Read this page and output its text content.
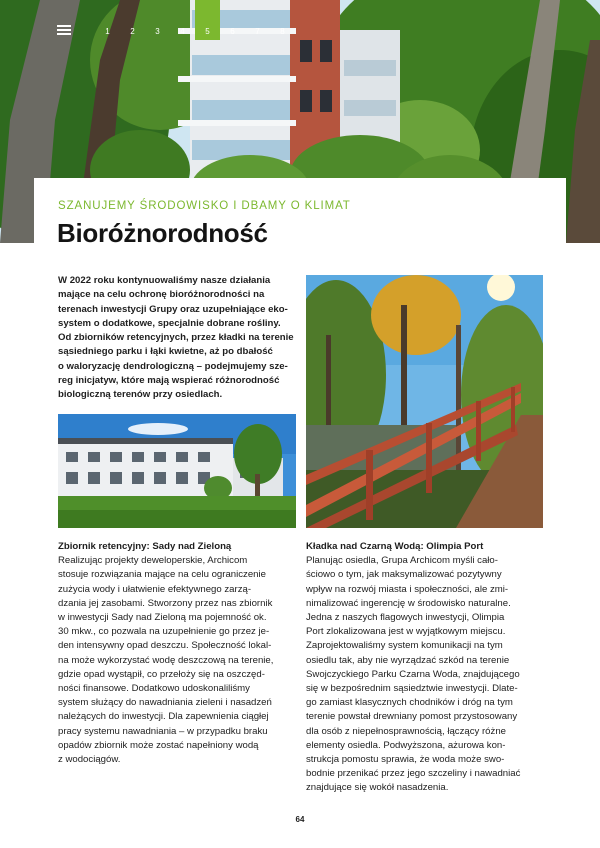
1	2	3	4	5	6	7	8
SZANUJEMY ŚRODOWISKO I DBAMY O KLIMAT
Bioróżnorodność
W 2022 roku kontynuowaliśmy nasze działania
mające na celu ochronę bioróżnorodności na
terenach inwestycji Grupy oraz uzupełniające eko-
system o dodatkowe, specjalnie dobrane rośliny.
Od zbiorników retencyjnych, przez kładki na terenie
sąsiedniego parku i łąki kwietne, aż po dbałość
o waloryzację dendrologiczną – podejmujemy sze-
reg inicjatyw, które mają wspierać różnorodność
biologiczną terenów przy osiedlach.
Zbiornik retencyjny: Sady nad Zieloną
Realizując projekty deweloperskie, Archicom
stosuje rozwiązania mające na celu ograniczenie
zużycia wody i ułatwienie efektywnego zarzą-
dzania jej zasobami. Stworzony przez nas zbiornik
w inwestycji Sady nad Zieloną ma pojemność ok.
30 mkw., co pozwala na uzupełnienie go przez je-
den intensywny opad deszczu. Społeczność lokal-
na może wykorzystać wodę deszczową na terenie,
gdzie opad wystąpił, co przełoży się na oszczęd-
ności finansowe. Dodatkowo udoskonaliliśmy
system służący do nawadniania zieleni i nasadzeń
należących do inwestycji. Dla zapewnienia ciągłej
pracy systemu nawadniania – w przypadku braku
opadów zbiornik może zostać napełniony wodą
z wodociągów.
Kładka nad Czarną Wodą: Olimpia Port
Planując osiedla, Grupa Archicom myśli cało-
ściowo o tym, jak maksymalizować pozytywny
wpływ na rozwój miasta i społeczności, ale zmi-
nimalizować ingerencję w środowisko naturalne.
Jedna z naszych flagowych inwestycji, Olimpia
Port zlokalizowana jest w wyjątkowym miejscu.
Zaprojektowaliśmy system komunikacji na tym
osiedlu tak, aby nie wyrządzać szkód na terenie
Swojczyckiego Parku Czarna Woda, znajdującego
się w bezpośrednim sąsiedztwie inwestycji. Dlate-
go zamiast klasycznych chodników i dróg na tym
terenie powstał drewniany pomost przystosowany
dla osób z niepełnosprawnością, łączący różne
elementy osiedla. Podwyższona, ażurowa kon-
strukcja pomostu sprawia, że woda może swo-
bodnie przenikać przez jego szczeliny i nawadniać
znajdujące się wokół nasadzenia.
64
